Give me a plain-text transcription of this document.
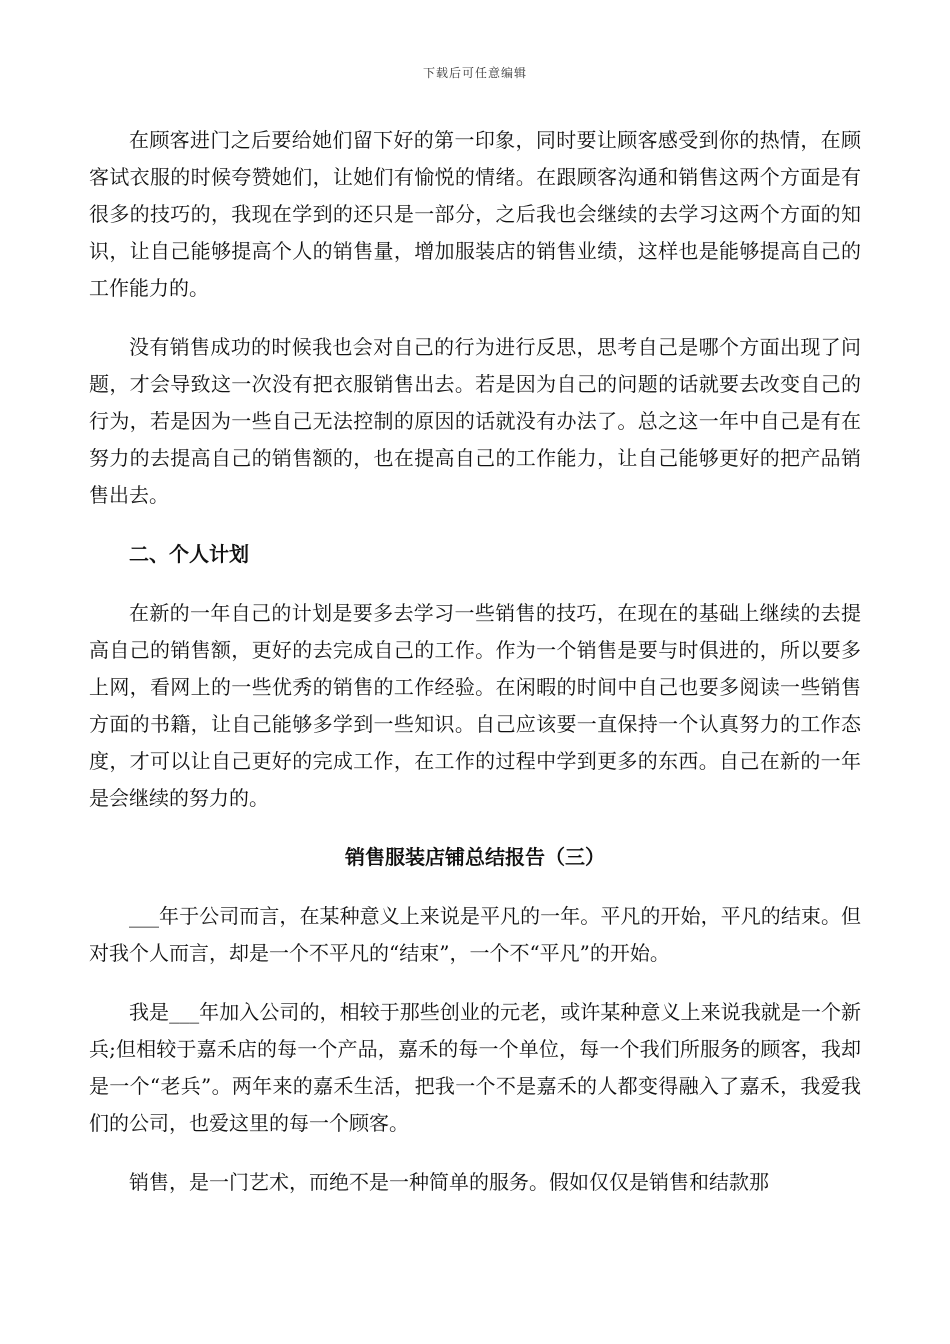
下载后可任意编辑

在顾客进门之后要给她们留下好的第一印象，同时要让顾客感受到你的热情，在顾客试衣服的时候夸赞她们，让她们有愉悦的情绪。在跟顾客沟通和销售这两个方面是有很多的技巧的，我现在学到的还只是一部分，之后我也会继续的去学习这两个方面的知识，让自己能够提高个人的销售量，增加服装店的销售业绩，这样也是能够提高自己的工作能力的。

没有销售成功的时候我也会对自己的行为进行反思，思考自己是哪个方面出现了问题，才会导致这一次没有把衣服销售出去。若是因为自己的问题的话就要去改变自己的行为，若是因为一些自己无法控制的原因的话就没有办法了。总之这一年中自己是有在努力的去提高自己的销售额的，也在提高自己的工作能力，让自己能够更好的把产品销售出去。

二、个人计划

在新的一年自己的计划是要多去学习一些销售的技巧，在现在的基础上继续的去提高自己的销售额，更好的去完成自己的工作。作为一个销售是要与时俱进的，所以要多上网，看网上的一些优秀的销售的工作经验。在闲暇的时间中自己也要多阅读一些销售方面的书籍，让自己能够多学到一些知识。自己应该要一直保持一个认真努力的工作态度，才可以让自己更好的完成工作，在工作的过程中学到更多的东西。自己在新的一年是会继续的努力的。

销售服装店铺总结报告（三）

___年于公司而言，在某种意义上来说是平凡的一年。平凡的开始，平凡的结束。但对我个人而言，却是一个不平凡的“结束”，一个不“平凡”的开始。

我是___年加入公司的，相较于那些创业的元老，或许某种意义上来说我就是一个新兵;但相较于嘉禾店的每一个产品，嘉禾的每一个单位，每一个我们所服务的顾客，我却是一个“老兵”。两年来的嘉禾生活，把我一个不是嘉禾的人都变得融入了嘉禾，我爱我们的公司，也爱这里的每一个顾客。

销售，是一门艺术，而绝不是一种简单的服务。假如仅仅是销售和结款那
